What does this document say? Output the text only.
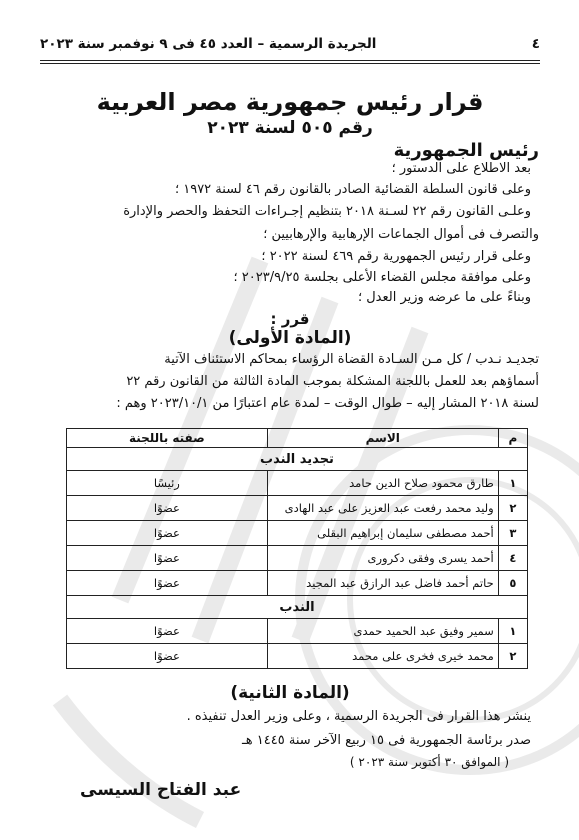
٤
الجريدة الرسمية – العدد ٤٥ فى ٩ نوفمبر سنة ٢٠٢٣
قرار رئيس جمهورية مصر العربية
رقم ٥٠٥ لسنة ٢٠٢٣
رئيس الجمهورية
بعد الاطلاع على الدستور ؛
وعلى قانون السلطة القضائية الصادر بالقانون رقم ٤٦ لسنة ١٩٧٢ ؛
وعلـى القانون رقم ٢٢ لسـنة ٢٠١٨ بتنظيم إجـراءات التحفظ والحصر والإدارة
والتصرف فى أموال الجماعات الإرهابية والإرهابيين ؛
وعلى قرار رئيس الجمهورية رقم ٤٦٩ لسنة ٢٠٢٢ ؛
وعلى موافقة مجلس القضاء الأعلى بجلسة ٢٠٢٣/٩/٢٥ ؛
وبناءً على ما عرضه وزير العدل ؛
قرر :
(المادة الأولى)
تجديـد نـدب / كل مـن السـادة القضاة الرؤساء بمحاكم الاستئناف الآتية
أسماؤهم بعد للعمل باللجنة المشكلة بموجب المادة الثالثة من القانون رقم ٢٢
لسنة ٢٠١٨ المشار إليه – طوال الوقت – لمدة عام اعتبارًا من ٢٠٢٣/١٠/١ وهم :
م	الاسم	صفته باللجنة
تجديد الندب		
١	طارق محمود صلاح الدين حامد	رئيسًا
٢	وليد محمد رفعت عبد العزيز على عبد الهادى	عضوًا
٣	أحمد مصطفى سليمان إبراهيم البقلى	عضوًا
٤	أحمد يسرى وفقى دكرورى	عضوًا
٥	حاتم أحمد فاضل عبد الرازق عبد المجيد	عضوًا
الندب		
١	سمير وفيق عبد الحميد حمدى	عضوًا
٢	محمد خيرى فخرى على محمد	عضوًا
(المادة الثانية)
ينشر هذا القرار فى الجريدة الرسمية ، وعلى وزير العدل تنفيذه .
صدر برئاسة الجمهورية فى ١٥ ربيع الآخر سنة ١٤٤٥ هـ
( الموافق ٣٠ أكتوبر سنة ٢٠٢٣ )
عبد الفتاح السيسى
